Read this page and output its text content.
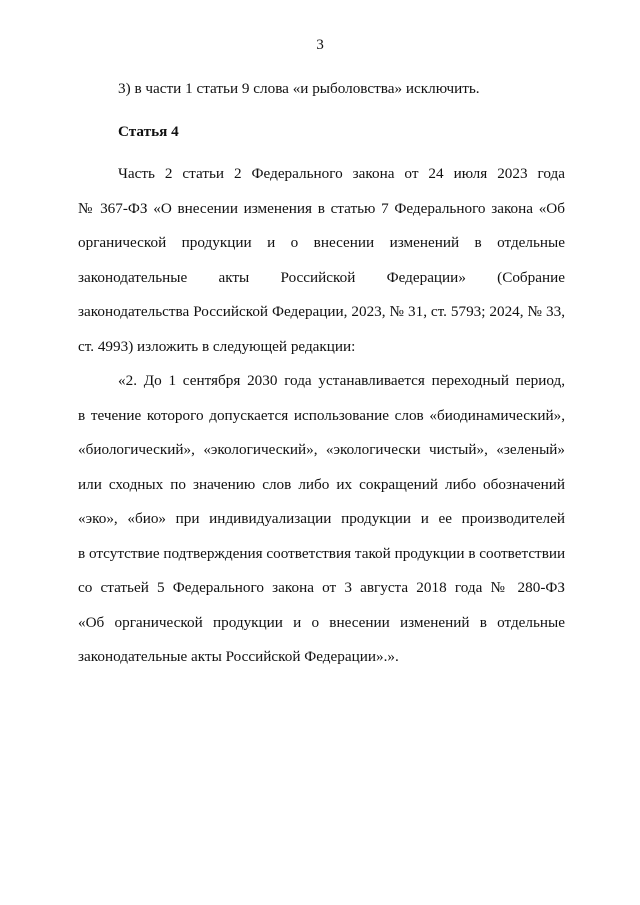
3
3) в части 1 статьи 9 слова «и рыболовства» исключить.
Статья 4
Часть 2 статьи 2 Федерального закона от 24 июля 2023 года
№ 367-ФЗ «О внесении изменения в статью 7 Федерального закона «Об
органической продукции и о внесении изменений в отдельные
законодательные акты Российской Федерации» (Собрание
законодательства Российской Федерации, 2023, № 31, ст. 5793; 2024, № 33,
ст. 4993) изложить в следующей редакции:
«2. До 1 сентября 2030 года устанавливается переходный период,
в течение которого допускается использование слов «биодинамический»,
«биологический», «экологический», «экологически чистый», «зеленый»
или сходных по значению слов либо их сокращений либо обозначений
«эко», «био» при индивидуализации продукции и ее производителей
в отсутствие подтверждения соответствия такой продукции в соответствии
со статьей 5 Федерального закона от 3 августа 2018 года № 280-ФЗ
«Об органической продукции и о внесении изменений в отдельные
законодательные акты Российской Федерации».».
